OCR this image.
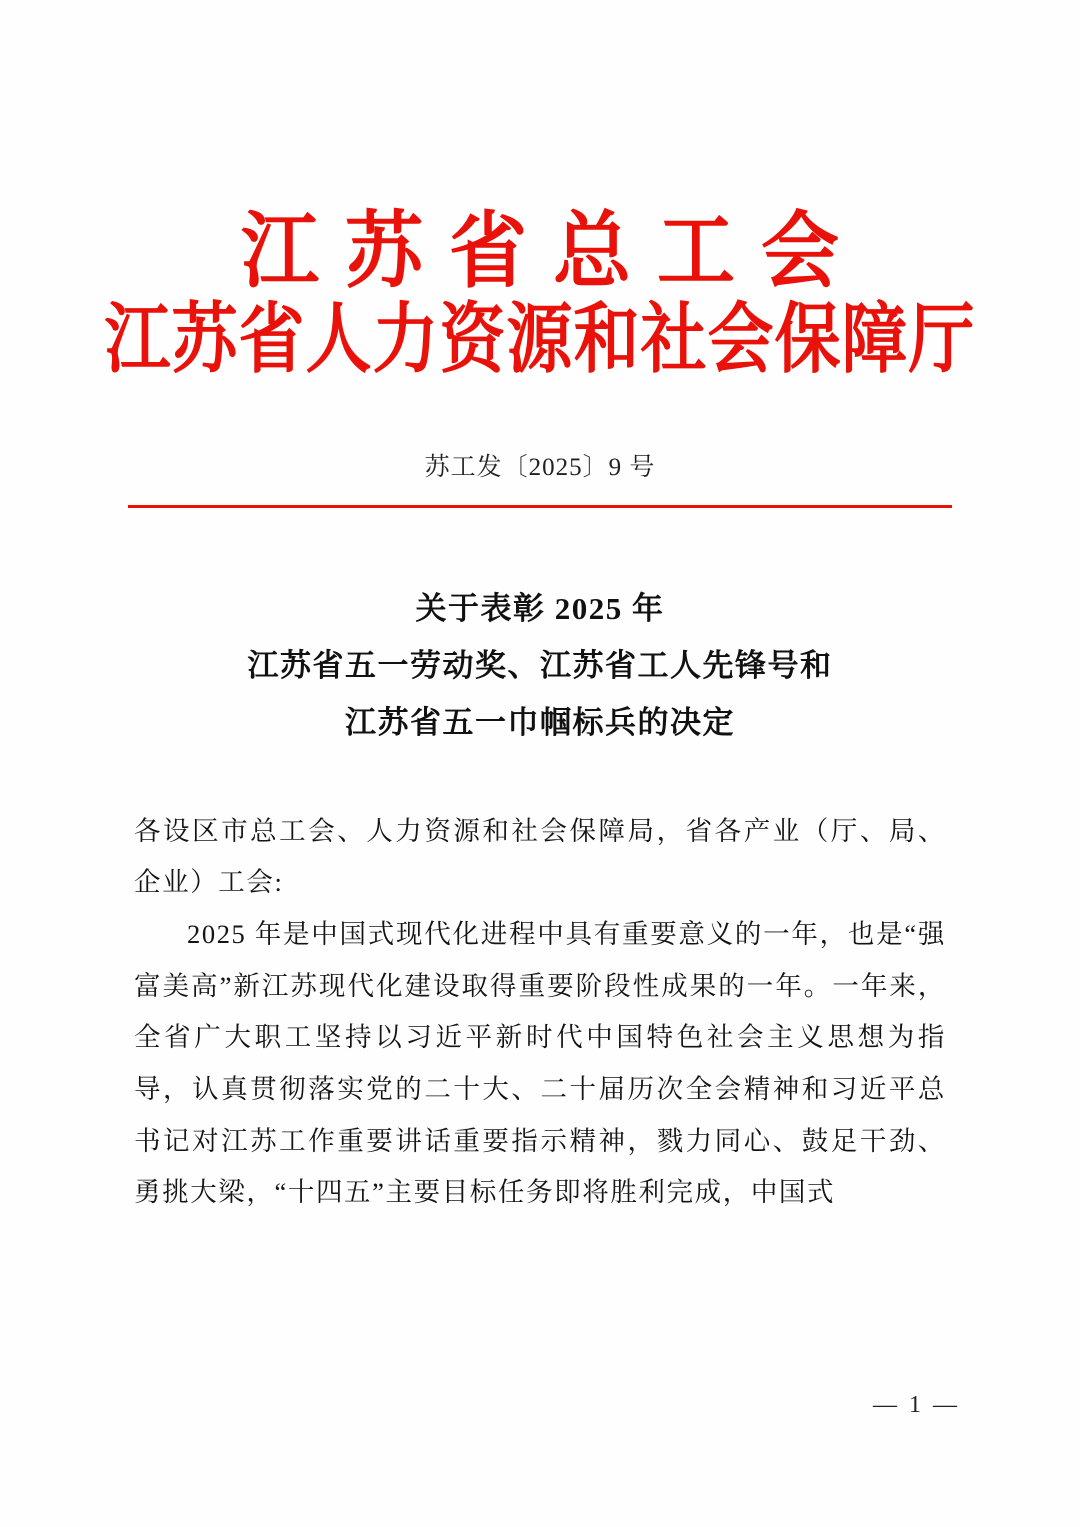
江苏省总工会
江苏省人力资源和社会保障厅
苏工发〔2025〕9 号
关于表彰 2025 年
江苏省五一劳动奖、江苏省工人先锋号和
江苏省五一巾帼标兵的决定

各设区市总工会、人力资源和社会保障局，省各产业（厅、局、企业）工会:

2025 年是中国式现代化进程中具有重要意义的一年，也是“强富美高”新江苏现代化建设取得重要阶段性成果的一年。一年来，全省广大职工坚持以习近平新时代中国特色社会主义思想为指导，认真贯彻落实党的二十大、二十届历次全会精神和习近平总书记对江苏工作重要讲话重要指示精神，戮力同心、鼓足干劲、勇挑大梁，“十四五”主要目标任务即将胜利完成，中国式

— 1 —
